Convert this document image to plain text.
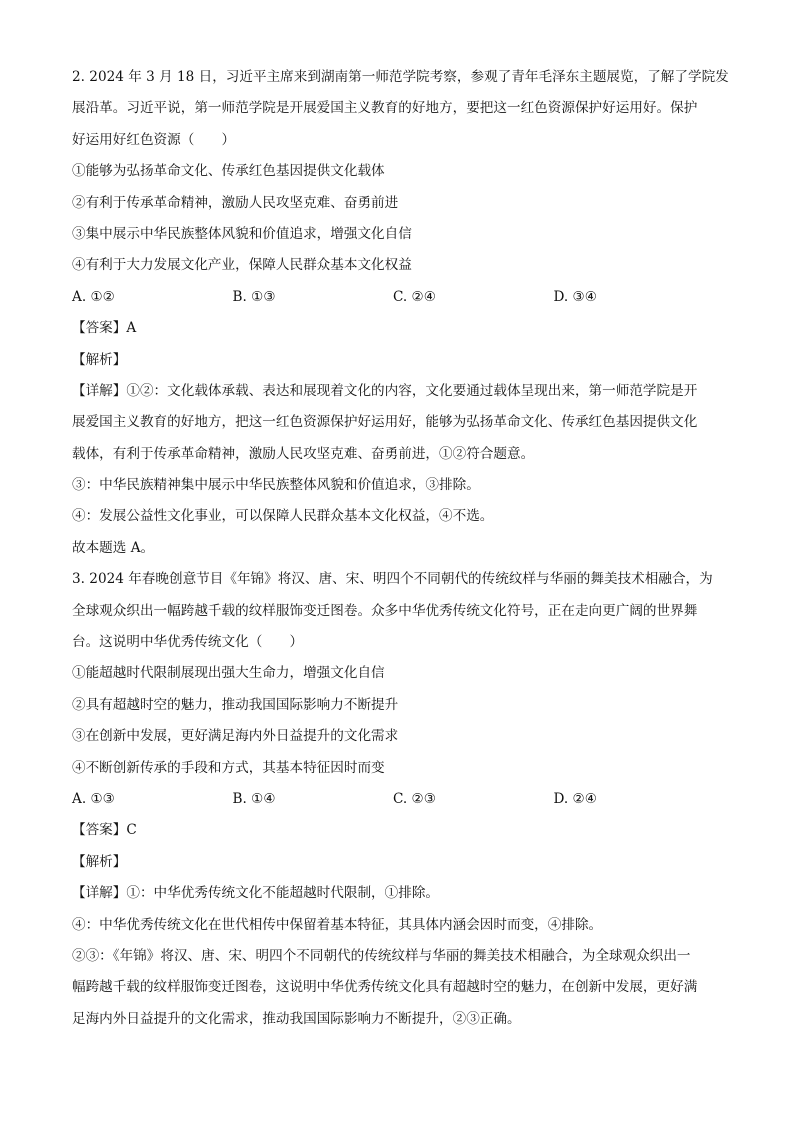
2. 2024 年 3 月 18 日，习近平主席来到湖南第一师范学院考察，参观了青年毛泽东主题展览，了解了学院发
展沿革。习近平说，第一师范学院是开展爱国主义教育的好地方，要把这一红色资源保护好运用好。保护
好运用好红色资源（　　）
①能够为弘扬革命文化、传承红色基因提供文化载体
②有利于传承革命精神，激励人民攻坚克难、奋勇前进
③集中展示中华民族整体风貌和价值追求，增强文化自信
④有利于大力发展文化产业，保障人民群众基本文化权益
A. ①②	B. ①③	C. ②④	D. ③④
【答案】A
【解析】
【详解】①②：文化载体承载、表达和展现着文化的内容，文化要通过载体呈现出来，第一师范学院是开
展爱国主义教育的好地方，把这一红色资源保护好运用好，能够为弘扬革命文化、传承红色基因提供文化
载体，有利于传承革命精神，激励人民攻坚克难、奋勇前进，①②符合题意。
③：中华民族精神集中展示中华民族整体风貌和价值追求，③排除。
④：发展公益性文化事业，可以保障人民群众基本文化权益，④不选。
故本题选 A。
3. 2024 年春晚创意节目《年锦》将汉、唐、宋、明四个不同朝代的传统纹样与华丽的舞美技术相融合，为
全球观众织出一幅跨越千载的纹样服饰变迁图卷。众多中华优秀传统文化符号，正在走向更广阔的世界舞
台。这说明中华优秀传统文化（　　）
①能超越时代限制展现出强大生命力，增强文化自信
②具有超越时空的魅力，推动我国国际影响力不断提升
③在创新中发展，更好满足海内外日益提升的文化需求
④不断创新传承的手段和方式，其基本特征因时而变
A. ①③	B. ①④	C. ②③	D. ②④
【答案】C
【解析】
【详解】①：中华优秀传统文化不能超越时代限制，①排除。
④：中华优秀传统文化在世代相传中保留着基本特征，其具体内涵会因时而变，④排除。
②③：《年锦》将汉、唐、宋、明四个不同朝代的传统纹样与华丽的舞美技术相融合，为全球观众织出一
幅跨越千载的纹样服饰变迁图卷，这说明中华优秀传统文化具有超越时空的魅力，在创新中发展，更好满
足海内外日益提升的文化需求，推动我国国际影响力不断提升，②③正确。
